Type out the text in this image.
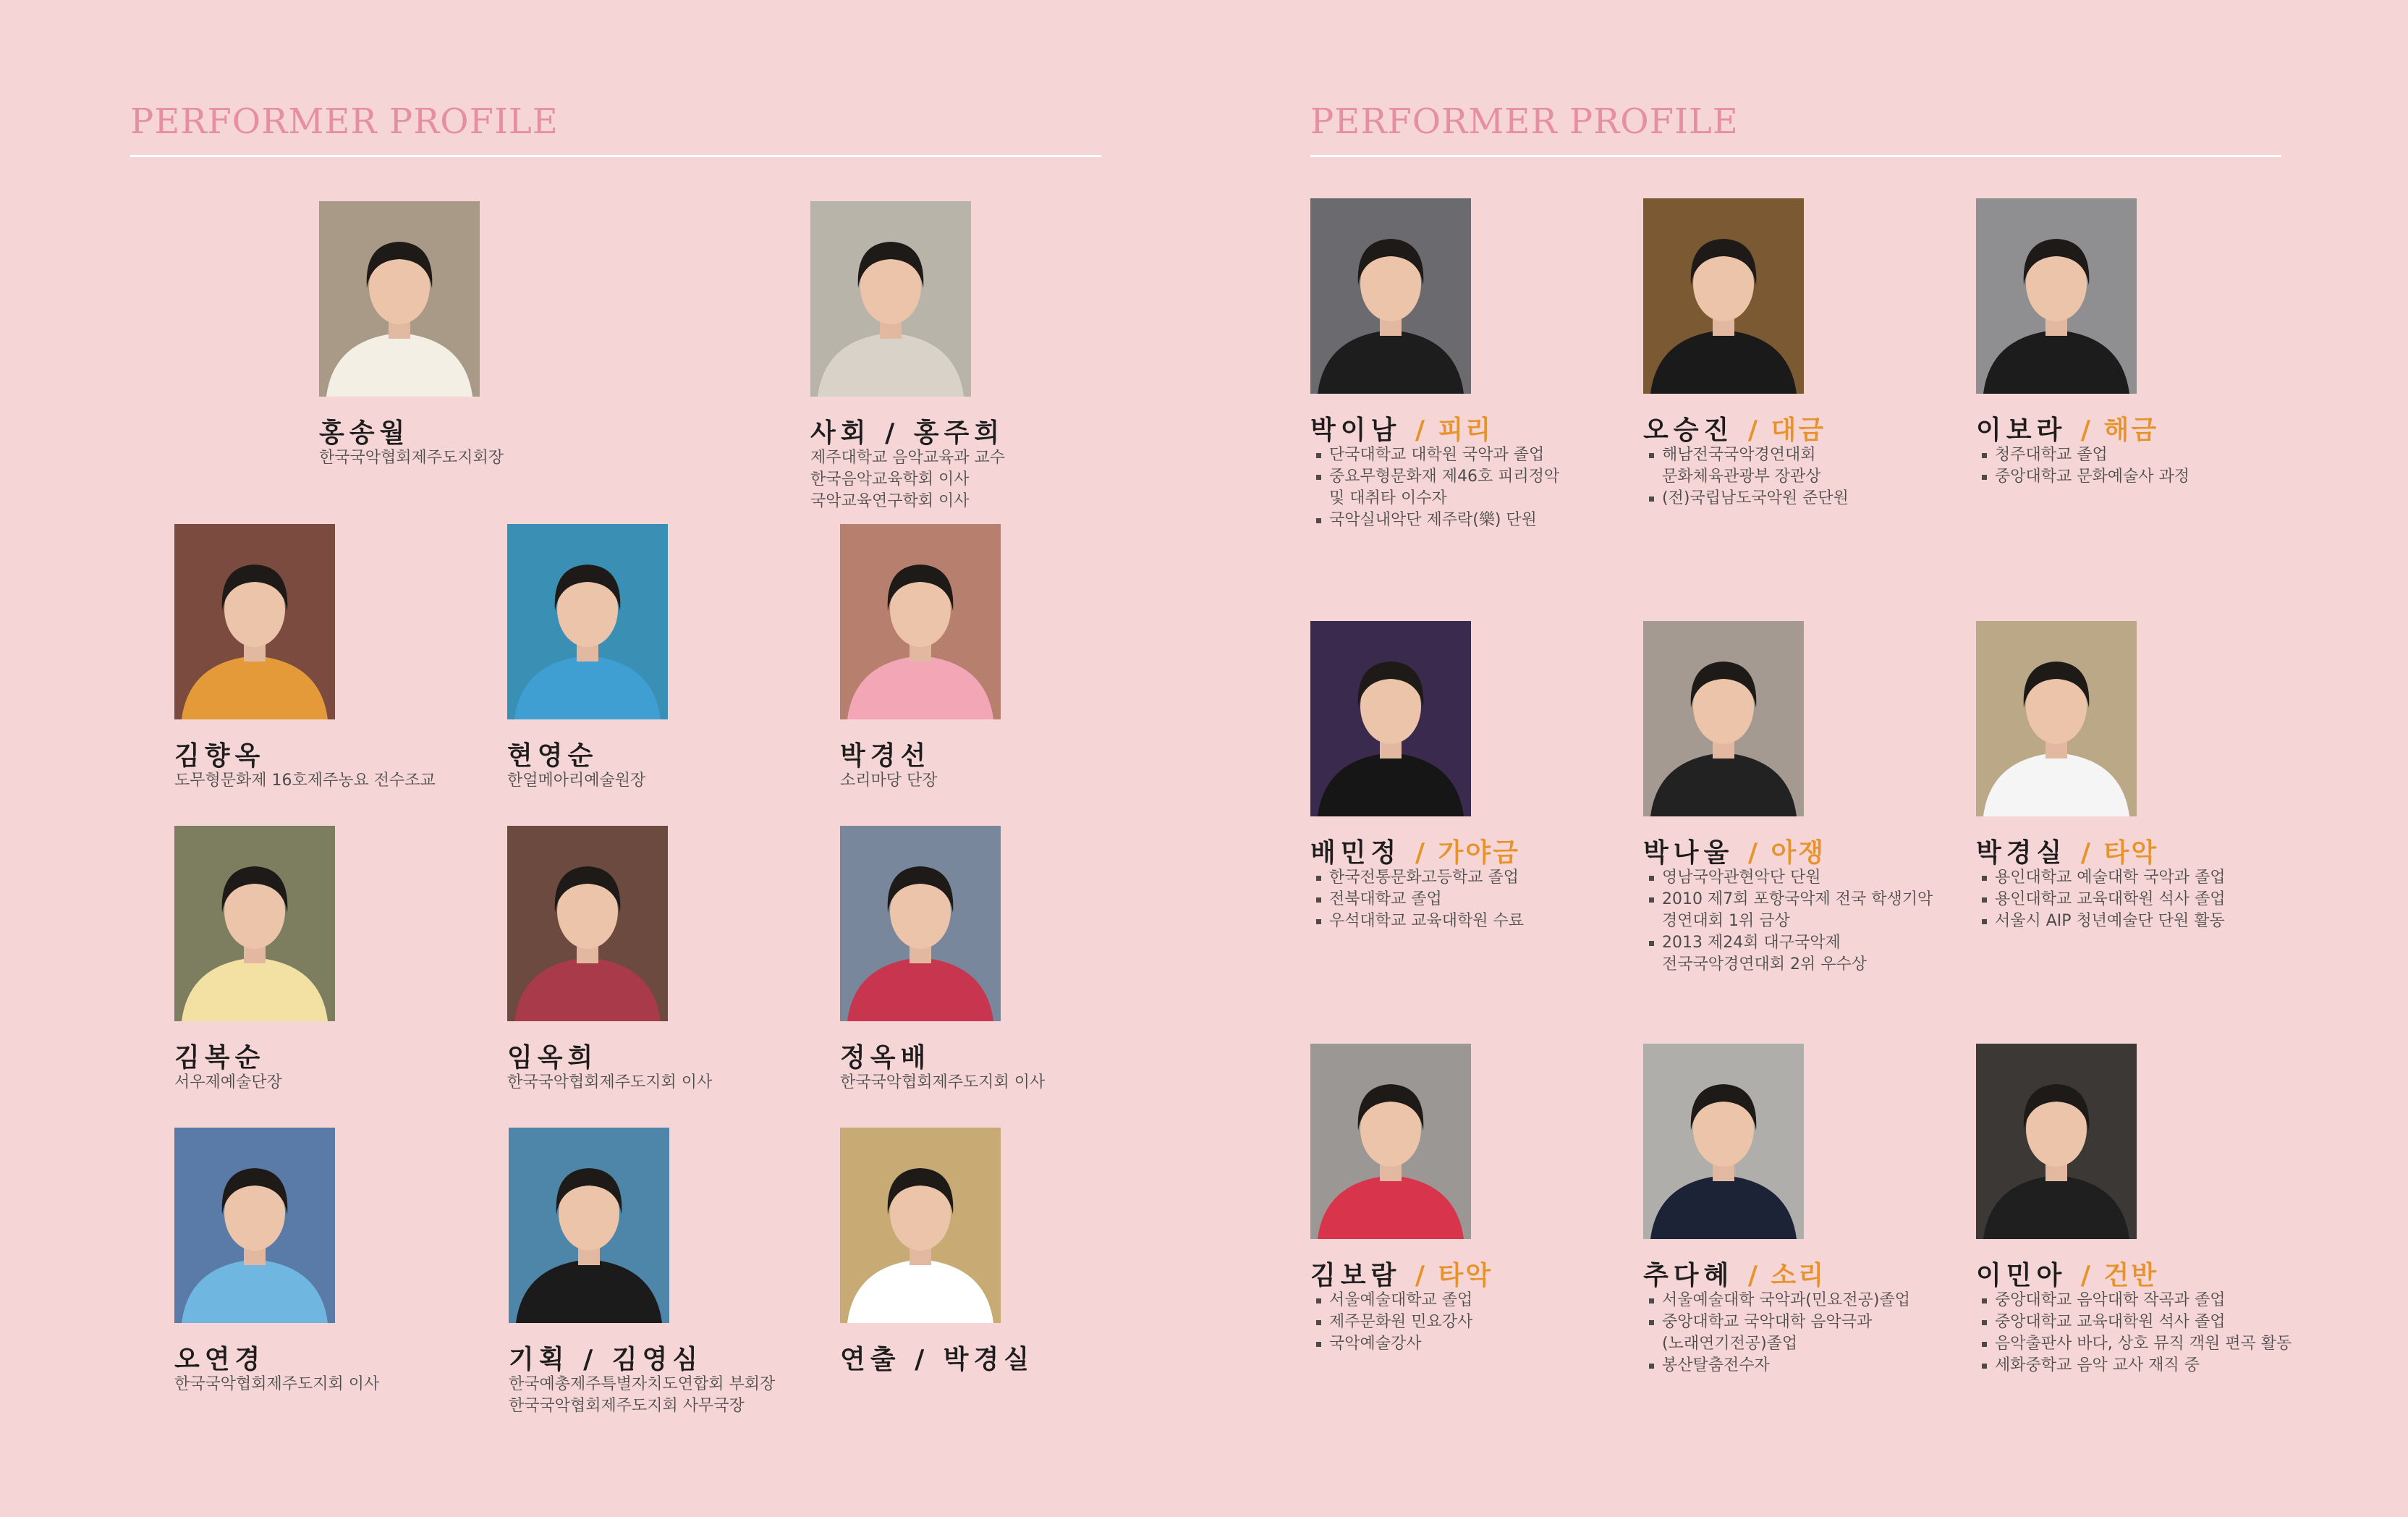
PERFORMER PROFILE
홍송월
한국국악협회제주도지회장
사회 / 홍주희
제주대학교 음악교육과 교수
한국음악교육학회 이사
국악교육연구학회 이사
김향옥
도무형문화제 16호제주농요 전수조교
현영순
한얼메아리예술원장
박경선
소리마당 단장
김복순
서우제예술단장
임옥희
한국국악협회제주도지회 이사
정옥배
한국국악협회제주도지회 이사
오연경
한국국악협회제주도지회 이사
기획 / 김영심
한국예총제주특별자치도연합회 부회장
한국국악협회제주도지회 사무국장
연출 / 박경실
PERFORMER PROFILE
박이남 / 피리
단국대학교 대학원 국악과 졸업
중요무형문화재 제46호 피리정악
및 대취타 이수자
국악실내악단 제주락(樂) 단원
오승진 / 대금
해남전국국악경연대회
문화체육관광부 장관상
(전)국립남도국악원 준단원
이보라 / 해금
청주대학교 졸업
중앙대학교 문화예술사 과정
배민정 / 가야금
한국전통문화고등학교 졸업
전북대학교 졸업
우석대학교 교육대학원 수료
박나울 / 아쟁
영남국악관현악단 단원
2010 제7회 포항국악제 전국 학생기악
경연대회 1위 금상
2013 제24회 대구국악제
전국국악경연대회 2위 우수상
박경실 / 타악
용인대학교 예술대학 국악과 졸업
용인대학교 교육대학원 석사 졸업
서울시 AIP 청년예술단 단원 활동
김보람 / 타악
서울예술대학교 졸업
제주문화원 민요강사
국악예술강사
추다혜 / 소리
서울예술대학 국악과(민요전공)졸업
중앙대학교 국악대학 음악극과
(노래연기전공)졸업
봉산탈춤전수자
이민아 / 건반
중앙대학교 음악대학 작곡과 졸업
중앙대학교 교육대학원 석사 졸업
음악출판사 바다, 상호 뮤직 객원 편곡 활동
세화중학교 음악 교사 재직 중
